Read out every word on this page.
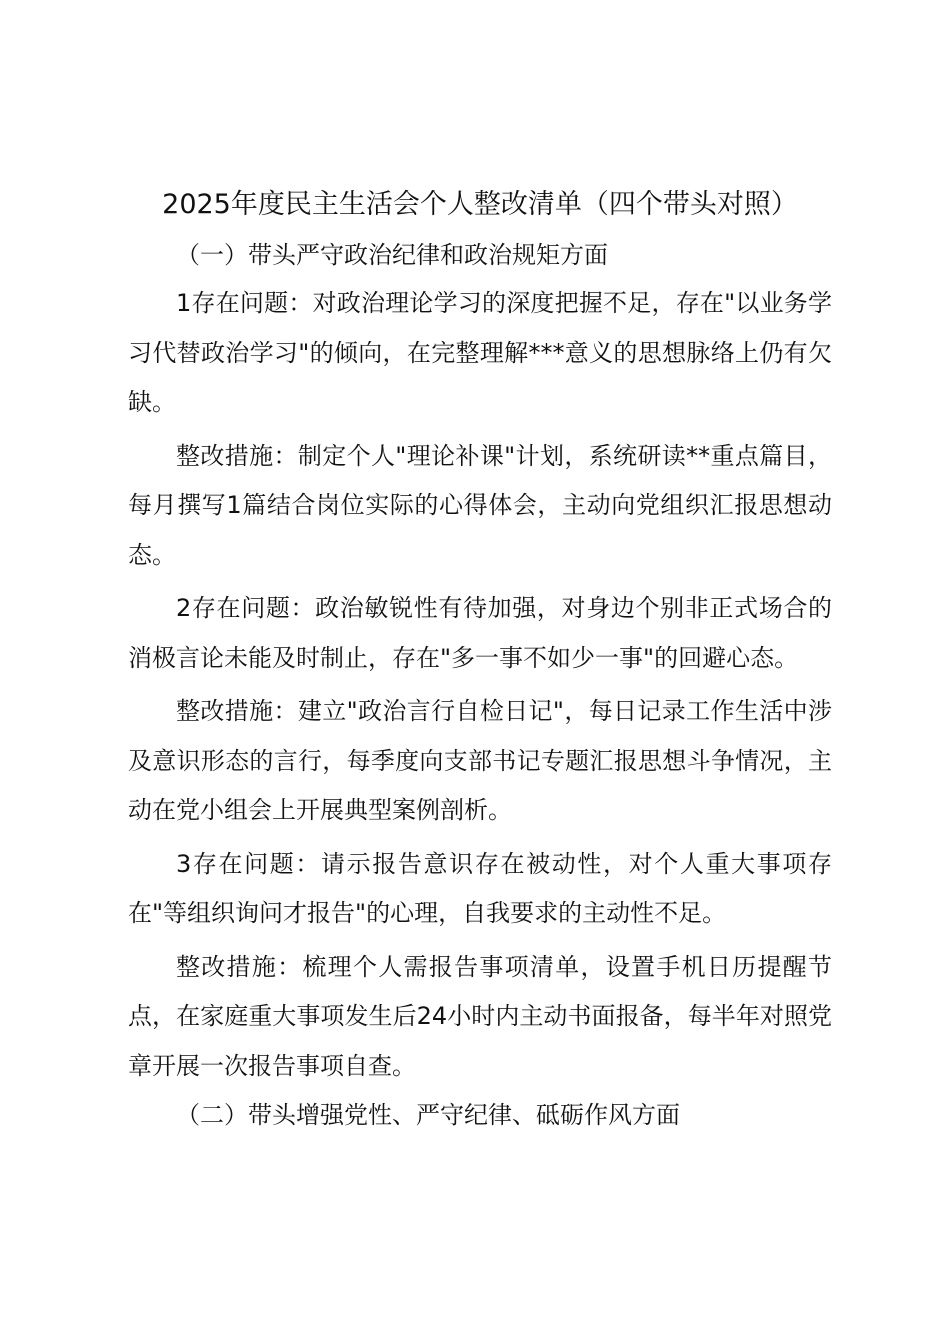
2025年度民主生活会个人整改清单（四个带头对照）
（一）带头严守政治纪律和政治规矩方面

1存在问题：对政治理论学习的深度把握不足，存在"以业务学习代替政治学习"的倾向，在完整理解***意义的思想脉络上仍有欠缺。

整改措施：制定个人"理论补课"计划，系统研读**重点篇目，每月撰写1篇结合岗位实际的心得体会，主动向党组织汇报思想动态。

2存在问题：政治敏锐性有待加强，对身边个别非正式场合的消极言论未能及时制止，存在"多一事不如少一事"的回避心态。

整改措施：建立"政治言行自检日记"，每日记录工作生活中涉及意识形态的言行，每季度向支部书记专题汇报思想斗争情况，主动在党小组会上开展典型案例剖析。

3存在问题：请示报告意识存在被动性，对个人重大事项存在"等组织询问才报告"的心理，自我要求的主动性不足。

整改措施：梳理个人需报告事项清单，设置手机日历提醒节点，在家庭重大事项发生后24小时内主动书面报备，每半年对照党章开展一次报告事项自查。

（二）带头增强党性、严守纪律、砥砺作风方面
